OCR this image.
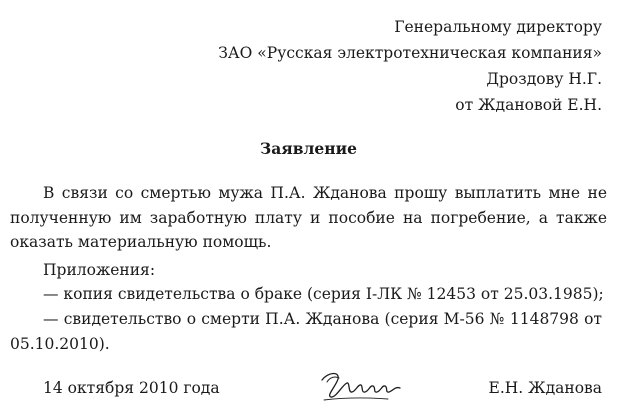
Генеральному директору
ЗАО «Русская электротехническая компания»
Дроздову Н.Г.
от Ждановой Е.Н.
Заявление
В связи со смертью мужа П.А. Жданова прошу выплатить мне не полученную им заработную плату и пособие на погребение, а также оказать материальную помощь.
Приложения:
— копия свидетельства о браке (серия I-ЛК № 12453 от 25.03.1985);
— свидетельство о смерти П.А. Жданова (серия М-56 № 1148798 от
05.10.2010).
14 октября 2010 года	Е.Н. Жданова
